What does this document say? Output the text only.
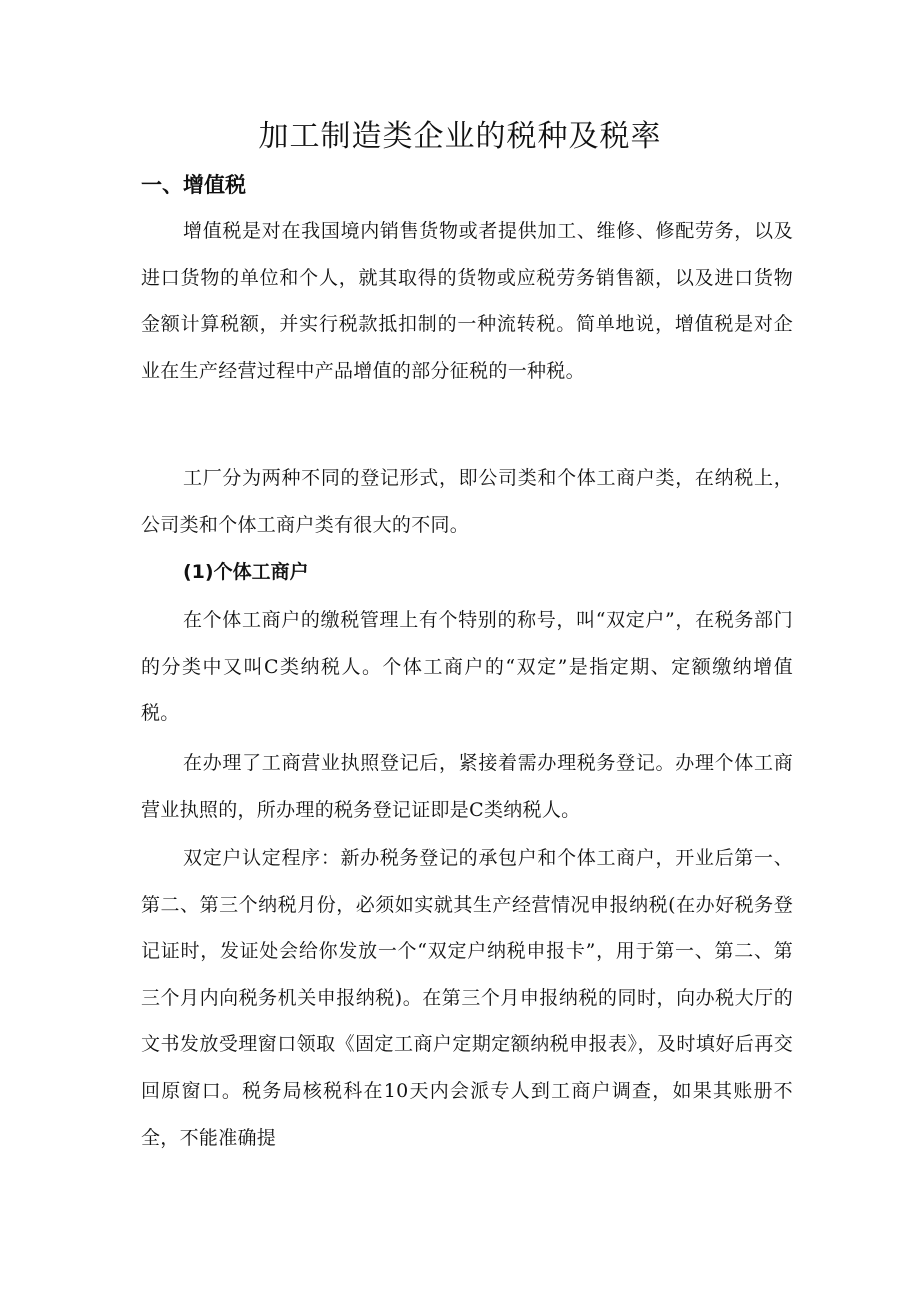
加工制造类企业的税种及税率
一、增值税

增值税是对在我国境内销售货物或者提供加工、维修、修配劳务，以及进口货物的单位和个人，就其取得的货物或应税劳务销售额，以及进口货物金额计算税额，并实行税款抵扣制的一种流转税。简单地说，增值税是对企业在生产经营过程中产品增值的部分征税的一种税。

工厂分为两种不同的登记形式，即公司类和个体工商户类，在纳税上，公司类和个体工商户类有很大的不同。

(1)个体工商户

在个体工商户的缴税管理上有个特别的称号，叫“双定户”，在税务部门的分类中又叫C类纳税人。个体工商户的“双定”是指定期、定额缴纳增值税。

在办理了工商营业执照登记后，紧接着需办理税务登记。办理个体工商营业执照的，所办理的税务登记证即是C类纳税人。

双定户认定程序：新办税务登记的承包户和个体工商户，开业后第一、第二、第三个纳税月份，必须如实就其生产经营情况申报纳税(在办好税务登记证时，发证处会给你发放一个“双定户纳税申报卡”，用于第一、第二、第三个月内向税务机关申报纳税)。在第三个月申报纳税的同时，向办税大厅的文书发放受理窗口领取《固定工商户定期定额纳税申报表》，及时填好后再交回原窗口。税务局核税科在10天内会派专人到工商户调查，如果其账册不全，不能准确提
